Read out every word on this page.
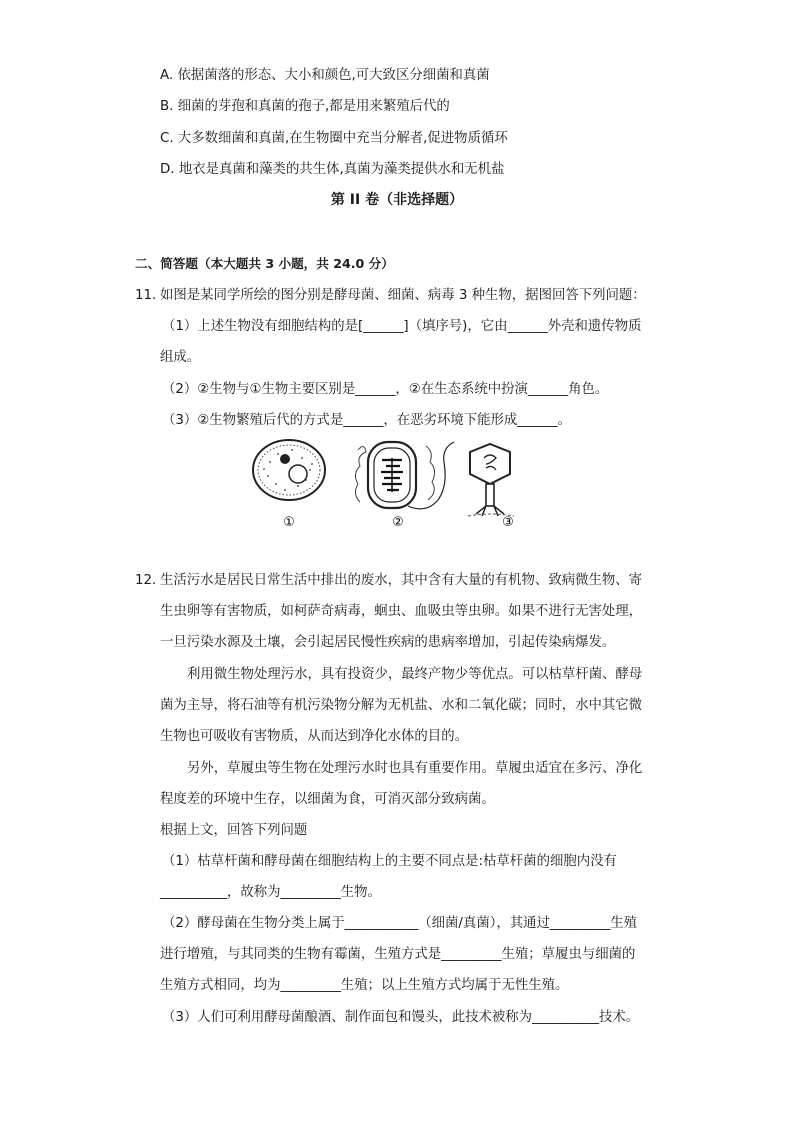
A. 依据菌落的形态、大小和颜色,可大致区分细菌和真菌
B. 细菌的芽孢和真菌的孢子,都是用来繁殖后代的
C. 大多数细菌和真菌,在生物圈中充当分解者,促进物质循环
D. 地衣是真菌和藻类的共生体,真菌为藻类提供水和无机盐
第 II 卷（非选择题）
二、简答题（本大题共 3 小题，共 24.0 分）
11. 如图是某同学所绘的图分别是酵母菌、细菌、病毒 3 种生物，据图回答下列问题：
（1）上述生物没有细胞结构的是[______]（填序号)，它由______外壳和遗传物质
组成。
（2）②生物与①生物主要区别是______，②在生态系统中扮演______角色。
（3）②生物繁殖后代的方式是______，在恶劣环境下能形成______。
①	②	③
12. 生活污水是居民日常生活中排出的废水，其中含有大量的有机物、致病微生物、寄
生虫卵等有害物质，如柯萨奇病毒，蛔虫、血吸虫等虫卵。如果不进行无害处理，
一旦污染水源及土壤，会引起居民慢性疾病的患病率增加，引起传染病爆发。
利用微生物处理污水，具有投资少，最终产物少等优点。可以枯草杆菌、酵母
菌为主导，将石油等有机污染物分解为无机盐、水和二氧化碳；同时，水中其它微
生物也可吸收有害物质，从而达到净化水体的目的。
另外，草履虫等生物在处理污水时也具有重要作用。草履虫适宜在多污、净化
程度差的环境中生存，以细菌为食，可消灭部分致病菌。
根据上文，回答下列问题
（1）枯草杆菌和酵母菌在细胞结构上的主要不同点是:枯草杆菌的细胞内没有
__________，故称为_________生物。
（2）酵母菌在生物分类上属于___________（细菌/真菌），其通过_________生殖
进行增殖，与其同类的生物有霉菌，生殖方式是_________生殖；草履虫与细菌的
生殖方式相同，均为_________生殖；以上生殖方式均属于无性生殖。
（3）人们可利用酵母菌酿酒、制作面包和馒头，此技术被称为__________技术。
